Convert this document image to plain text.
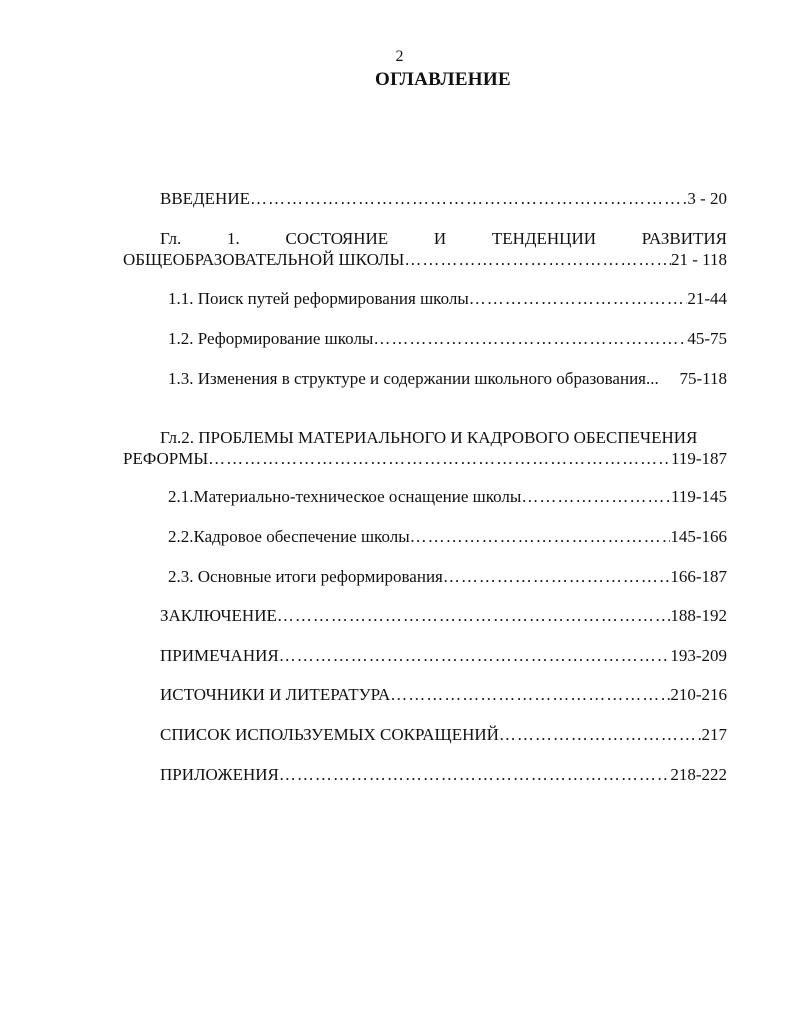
2
ОГЛАВЛЕНИЕ
ВВЕДЕНИЕ …………………………………………………………………………………………………………	3 - 20
Гл.	1.	СОСТОЯНИЕ	И	ТЕНДЕНЦИИ	РАЗВИТИЯ
ОБЩЕОБРАЗОВАТЕЛЬНОЙ ШКОЛЫ …………………………………………………………………………………………………………	21 - 118
1.1. Поиск путей реформирования школы …………………………………………………………………………………………………………	21-44
1.2. Реформирование школы …………………………………………………………………………………………………………	45-75
1.3. Изменения в структуре и содержании школьного образования... 75-118
Гл.2. ПРОБЛЕМЫ МАТЕРИАЛЬНОГО И КАДРОВОГО ОБЕСПЕЧЕНИЯ
РЕФОРМЫ …………………………………………………………………………………………………………	119-187
2.1.Материально-техническое оснащение школы …………………………………………………………………………………………………………	119-145
2.2.Кадровое обеспечение школы …………………………………………………………………………………………………………	145-166
2.3. Основные итоги реформирования …………………………………………………………………………………………………………	166-187
ЗАКЛЮЧЕНИЕ …………………………………………………………………………………………………………	188-192
ПРИМЕЧАНИЯ …………………………………………………………………………………………………………	193-209
ИСТОЧНИКИ И ЛИТЕРАТУРА …………………………………………………………………………………………………………	210-216
СПИСОК ИСПОЛЬЗУЕМЫХ СОКРАЩЕНИЙ …………………………………………………………………………………………………………	217
ПРИЛОЖЕНИЯ …………………………………………………………………………………………………………	218-222
